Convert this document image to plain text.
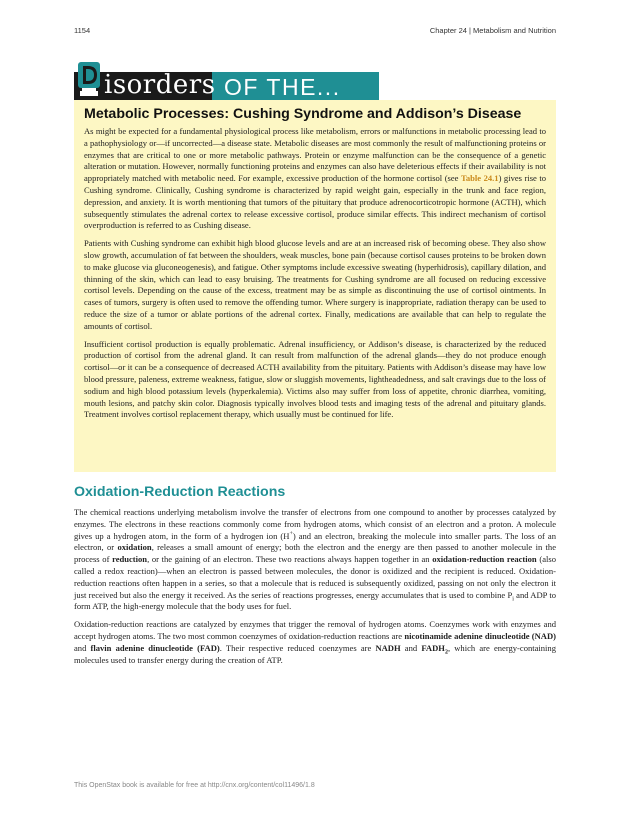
1154	Chapter 24 | Metabolism and Nutrition
isorders OF THE...
Metabolic Processes: Cushing Syndrome and Addison’s Disease

As might be expected for a fundamental physiological process like metabolism, errors or malfunctions in metabolic processing lead to a pathophysiology or—if uncorrected—a disease state. Metabolic diseases are most commonly the result of malfunctioning proteins or enzymes that are critical to one or more metabolic pathways. Protein or enzyme malfunction can be the consequence of a genetic alteration or mutation. However, normally functioning proteins and enzymes can also have deleterious effects if their availability is not appropriately matched with metabolic need. For example, excessive production of the hormone cortisol (see Table 24.1) gives rise to Cushing syndrome. Clinically, Cushing syndrome is characterized by rapid weight gain, especially in the trunk and face region, depression, and anxiety. It is worth mentioning that tumors of the pituitary that produce adrenocorticotropic hormone (ACTH), which subsequently stimulates the adrenal cortex to release excessive cortisol, produce similar effects. This indirect mechanism of cortisol overproduction is referred to as Cushing disease.

Patients with Cushing syndrome can exhibit high blood glucose levels and are at an increased risk of becoming obese. They also show slow growth, accumulation of fat between the shoulders, weak muscles, bone pain (because cortisol causes proteins to be broken down to make glucose via gluconeogenesis), and fatigue. Other symptoms include excessive sweating (hyperhidrosis), capillary dilation, and thinning of the skin, which can lead to easy bruising. The treatments for Cushing syndrome are all focused on reducing excessive cortisol levels. Depending on the cause of the excess, treatment may be as simple as discontinuing the use of cortisol ointments. In cases of tumors, surgery is often used to remove the offending tumor. Where surgery is inappropriate, radiation therapy can be used to reduce the size of a tumor or ablate portions of the adrenal cortex. Finally, medications are available that can help to regulate the amounts of cortisol.

Insufficient cortisol production is equally problematic. Adrenal insufficiency, or Addison’s disease, is characterized by the reduced production of cortisol from the adrenal gland. It can result from malfunction of the adrenal glands—they do not produce enough cortisol—or it can be a consequence of decreased ACTH availability from the pituitary. Patients with Addison’s disease may have low blood pressure, paleness, extreme weakness, fatigue, slow or sluggish movements, lightheadedness, and salt cravings due to the loss of sodium and high blood potassium levels (hyperkalemia). Victims also may suffer from loss of appetite, chronic diarrhea, vomiting, mouth lesions, and patchy skin color. Diagnosis typically involves blood tests and imaging tests of the adrenal and pituitary glands. Treatment involves cortisol replacement therapy, which usually must be continued for life.

Oxidation-Reduction Reactions

The chemical reactions underlying metabolism involve the transfer of electrons from one compound to another by processes catalyzed by enzymes. The electrons in these reactions commonly come from hydrogen atoms, which consist of an electron and a proton. A molecule gives up a hydrogen atom, in the form of a hydrogen ion (H+) and an electron, breaking the molecule into smaller parts. The loss of an electron, or oxidation, releases a small amount of energy; both the electron and the energy are then passed to another molecule in the process of reduction, or the gaining of an electron. These two reactions always happen together in an oxidation-reduction reaction (also called a redox reaction)—when an electron is passed between molecules, the donor is oxidized and the recipient is reduced. Oxidation-reduction reactions often happen in a series, so that a molecule that is reduced is subsequently oxidized, passing on not only the electron it just received but also the energy it received. As the series of reactions progresses, energy accumulates that is used to combine $P_i$ and ADP to form ATP, the high-energy molecule that the body uses for fuel.

Oxidation-reduction reactions are catalyzed by enzymes that trigger the removal of hydrogen atoms. Coenzymes work with enzymes and accept hydrogen atoms. The two most common coenzymes of oxidation-reduction reactions are nicotinamide adenine dinucleotide (NAD) and flavin adenine dinucleotide (FAD). Their respective reduced coenzymes are NADH and $FADH_2$, which are energy-containing molecules used to transfer energy during the creation of ATP.

This OpenStax book is available for free at http://cnx.org/content/col11496/1.8
